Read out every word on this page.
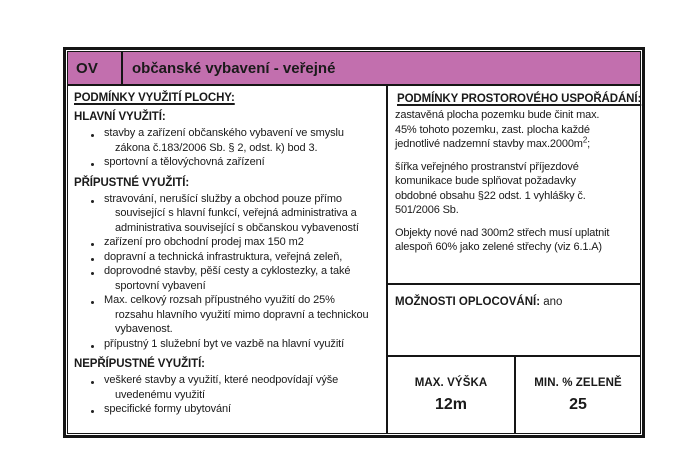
OV	občanské vybavení - veřejné
PODMÍNKY VYUŽITÍ PLOCHY:
HLAVNÍ VYUŽITÍ:
stavby a zařízení občanského vybavení ve smyslu
zákona č.183/2006 Sb. § 2, odst. k) bod 3.
sportovní a tělovýchovná zařízení
PŘÍPUSTNÉ VYUŽITÍ:
stravování, nerušící služby a obchod pouze přímo
související s hlavní funkcí, veřejná administrativa a
administrativa související s občanskou vybaveností
zařízení pro obchodní prodej max 150 m2
dopravní a technická infrastruktura, veřejná zeleň,
doprovodné stavby, pěší cesty a cyklostezky, a také
sportovní vybavení
Max. celkový rozsah přípustného využití do 25%
rozsahu hlavního využití mimo dopravní a technickou
vybavenost.
přípustný 1 služební byt ve vazbě na hlavní využití
NEPŘÍPUSTNÉ VYUŽITÍ:
veškeré stavby a využití, které neodpovídají výše
uvedenému využití
specifické formy ubytování
PODMÍNKY PROSTOROVÉHO USPOŘÁDÁNÍ:
zastavěná plocha pozemku bude činit max.
45% tohoto pozemku, zast. plocha každé
jednotlivé nadzemní stavby $\max.2000m^2$;
šířka veřejného prostranství příjezdové
komunikace bude splňovat požadavky
obdobné obsahu §22 odst. 1 vyhlášky č.
501/2006 Sb.
Objekty nové nad 300m2 střech musí uplatnit
alespoň 60% jako zelené střechy (viz 6.1.A)
MOŽNOSTI OPLOCOVÁNÍ: ano
MAX. VÝŠKA
12m
MIN. % ZELENĚ
25
